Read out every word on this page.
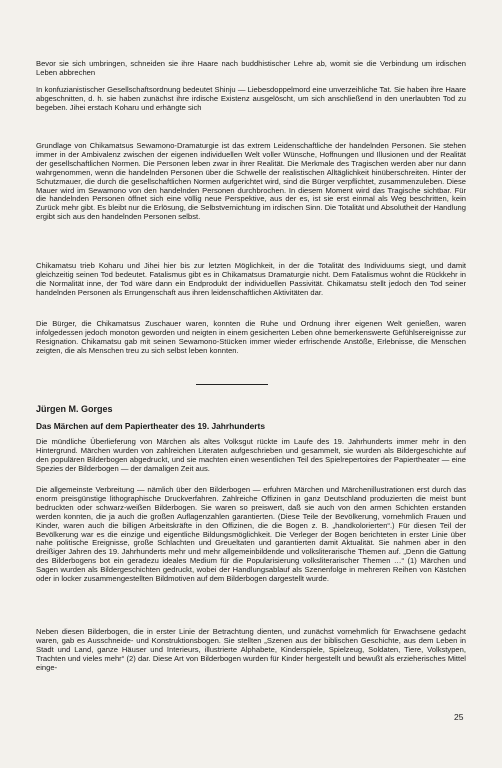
Bevor sie sich umbringen, schneiden sie ihre Haare nach buddhistischer Lehre ab, womit sie die Verbindung um irdischen Leben abbrechen

In konfuzianistischer Gesellschaftsordnung bedeutet Shinju — Liebesdoppelmord eine unverzeihliche Tat. Sie haben ihre Haare abgeschnitten, d. h. sie haben zunächst ihre irdische Existenz ausgelöscht, um sich anschließend in den unerlaubten Tod zu begeben. Jihei erstach Koharu und erhängte sich

Grundlage von Chikamatsus Sewamono-Dramaturgie ist das extrem Leidenschaftliche der handelnden Personen. Sie stehen immer in der Ambivalenz zwischen der eigenen individuellen Welt voller Wünsche, Hoffnungen und Illusionen und der Realität der gesellschaftlichen Normen. Die Personen leben zwar in ihrer Realität. Die Merkmale des Tragischen werden aber nur dann wahrgenommen, wenn die handelnden Personen über die Schwelle der realistischen Alltäglichkeit hinüberschreiten. Hinter der Schutzmauer, die durch die gesellschaftlichen Normen aufgerichtet wird, sind die Bürger verpflichtet, zusammenzuleben. Diese Mauer wird im Sewamono von den handelnden Personen durchbrochen. In diesem Moment wird das Tragische sichtbar. Für die handelnden Personen öffnet sich eine völlig neue Perspektive, aus der es, ist sie erst einmal als Weg beschritten, kein Zurück mehr gibt. Es bleibt nur die Erlösung, die Selbstvernichtung im irdischen Sinn. Die Totalität und Absolutheit der Handlung ergibt sich aus den handelnden Personen selbst.

Chikamatsu trieb Koharu und Jihei hier bis zur letzten Möglichkeit, in der die Totalität des Individuums siegt, und damit gleichzeitig seinen Tod bedeutet. Fatalismus gibt es in Chikamatsus Dramaturgie nicht. Dem Fatalismus wohnt die Rückkehr in die Normalität inne, der Tod wäre dann ein Endprodukt der individuellen Passivität. Chikamatsu stellt jedoch den Tod seiner handelnden Personen als Errungenschaft aus ihren leidenschaftlichen Aktivitäten dar.

Die Bürger, die Chikamatsus Zuschauer waren, konnten die Ruhe und Ordnung ihrer eigenen Welt genießen, waren infolgedessen jedoch monoton geworden und neigten in einem gesicherten Leben ohne bemerkenswerte Gefühlsereignisse zur Resignation. Chikamatsu gab mit seinen Sewamono-Stücken immer wieder erfrischende Anstöße, Erlebnisse, die Menschen zeigten, die als Menschen treu zu sich selbst leben konnten.

Jürgen M. Gorges
Das Märchen auf dem Papiertheater des 19. Jahrhunderts

Die mündliche Überlieferung von Märchen als altes Volksgut rückte im Laufe des 19. Jahrhunderts immer mehr in den Hintergrund. Märchen wurden von zahlreichen Literaten aufgeschrieben und gesammelt, sie wurden als Bildergeschichte auf den populären Bilderbogen abgedruckt, und sie machten einen wesentlichen Teil des Spielrepertoires der Papiertheater — eine Spezies der Bilderbogen — der damaligen Zeit aus.

Die allgemeinste Verbreitung — nämlich über den Bilderbogen — erfuhren Märchen und Märchenillustrationen erst durch das enorm preisgünstige lithographische Druckverfahren. Zahlreiche Offizinen in ganz Deutschland produzierten die meist bunt bedruckten oder schwarz-weißen Bilderbogen. Sie waren so preiswert, daß sie auch von den armen Schichten erstanden werden konnten, die ja auch die großen Auflagenzahlen garantierten. (Diese Teile der Bevölkerung, vornehmlich Frauen und Kinder, waren auch die billigen Arbeitskräfte in den Offizinen, die die Bogen z. B. „handkolorierten“.) Für diesen Teil der Bevölkerung war es die einzige und eigentliche Bildungsmöglichkeit. Die Verleger der Bogen berichteten in erster Linie über nahe politische Ereignisse, große Schlachten und Greueltaten und garantierten damit Aktualität. Sie nahmen aber in den dreißiger Jahren des 19. Jahrhunderts mehr und mehr allgemeinbildende und volksliterarische Themen auf. „Denn die Gattung des Bilderbogens bot ein geradezu ideales Medium für die Popularisierung volksliterarischer Themen …“ (1) Märchen und Sagen wurden als Bildergeschichten gedruckt, wobei der Handlungsablauf als Szenenfolge in mehreren Reihen von Kästchen oder in locker zusammengestellten Bildmotiven auf dem Bilderbogen dargestellt wurde.

Neben diesen Bilderbogen, die in erster Linie der Betrachtung dienten, und zunächst vornehmlich für Erwachsene gedacht waren, gab es Ausschneide- und Konstruktionsbogen. Sie stellten „Szenen aus der biblischen Geschichte, aus dem Leben in Stadt und Land, ganze Häuser und Interieurs, illustrierte Alphabete, Kinderspiele, Spielzeug, Soldaten, Tiere, Volkstypen, Trachten und vieles mehr“ (2) dar. Diese Art von Bilderbogen wurden für Kinder hergestellt und bewußt als erzieherisches Mittel einge-

25
